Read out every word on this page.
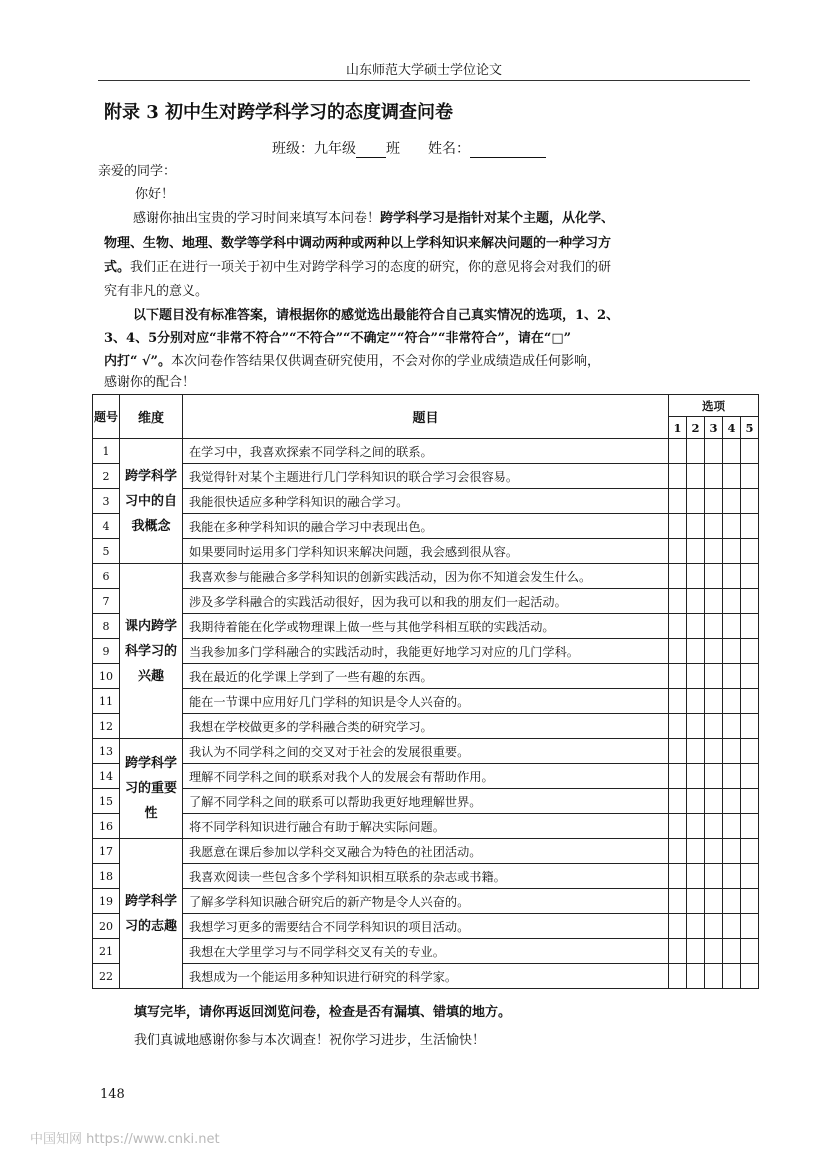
山东师范大学硕士学位论文
附录 3 初中生对跨学科学习的态度调查问卷
班级：九年级 班 姓名：
亲爱的同学：
你好！
感谢你抽出宝贵的学习时间来填写本问卷！跨学科学习是指针对某个主题，从化学、
物理、生物、地理、数学等学科中调动两种或两种以上学科知识来解决问题的一种学习方
式。我们正在进行一项关于初中生对跨学科学习的态度的研究，你的意见将会对我们的研
究有非凡的意义。
以下题目没有标准答案，请根据你的感觉选出最能符合自己真实情况的选项，1、2、
3、4、5分别对应“非常不符合”“不符合”“不确定”“符合”“非常符合”，请在“□”
内打“ √”。本次问卷作答结果仅供调查研究使用，不会对你的学业成绩造成任何影响，
感谢你的配合！
题号	维度	题目	选项				
			1	2	3	4	5
1	跨学科学习中的自我概念	在学习中，我喜欢探索不同学科之间的联系。					
2		我觉得针对某个主题进行几门学科知识的联合学习会很容易。					
3		我能很快适应多种学科知识的融合学习。					
4		我能在多种学科知识的融合学习中表现出色。					
5		如果要同时运用多门学科知识来解决问题，我会感到很从容。					
6	课内跨学科学习的兴趣	我喜欢参与能融合多学科知识的创新实践活动，因为你不知道会发生什么。					
7		涉及多学科融合的实践活动很好，因为我可以和我的朋友们一起活动。					
8		我期待着能在化学或物理课上做一些与其他学科相互联的实践活动。					
9		当我参加多门学科融合的实践活动时，我能更好地学习对应的几门学科。					
10		我在最近的化学课上学到了一些有趣的东西。					
11		能在一节课中应用好几门学科的知识是令人兴奋的。					
12		我想在学校做更多的学科融合类的研究学习。					
13	跨学科学习的重要性	我认为不同学科之间的交叉对于社会的发展很重要。					
14		理解不同学科之间的联系对我个人的发展会有帮助作用。					
15		了解不同学科之间的联系可以帮助我更好地理解世界。					
16		将不同学科知识进行融合有助于解决实际问题。					
17	跨学科学习的志趣	我愿意在课后参加以学科交叉融合为特色的社团活动。					
18		我喜欢阅读一些包含多个学科知识相互联系的杂志或书籍。					
19		了解多学科知识融合研究后的新产物是令人兴奋的。					
20		我想学习更多的需要结合不同学科知识的项目活动。					
21		我想在大学里学习与不同学科交叉有关的专业。					
22		我想成为一个能运用多种知识进行研究的科学家。					
填写完毕，请你再返回浏览问卷，检查是否有漏填、错填的地方。
我们真诚地感谢你参与本次调查！祝你学习进步，生活愉快！
148
中国知网 https://www.cnki.net
